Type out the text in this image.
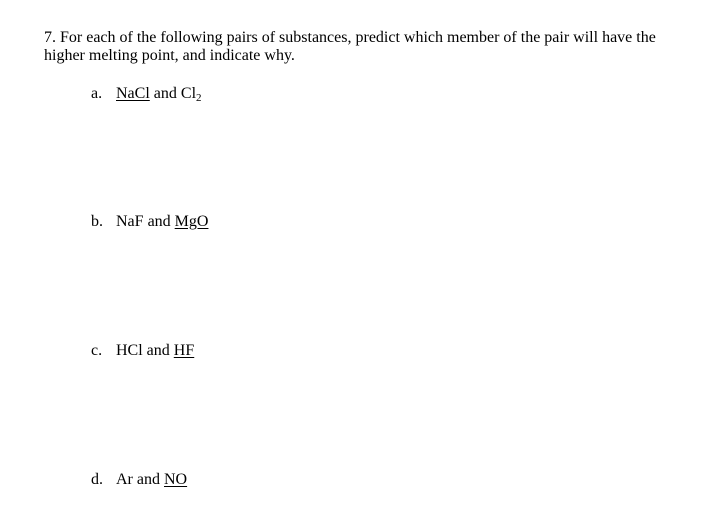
7. For each of the following pairs of substances, predict which member of the pair will have the higher melting point, and indicate why.
a. NaCl and $Cl_2$
b. NaF and MgO
c. HCl and HF
d. Ar and NO
